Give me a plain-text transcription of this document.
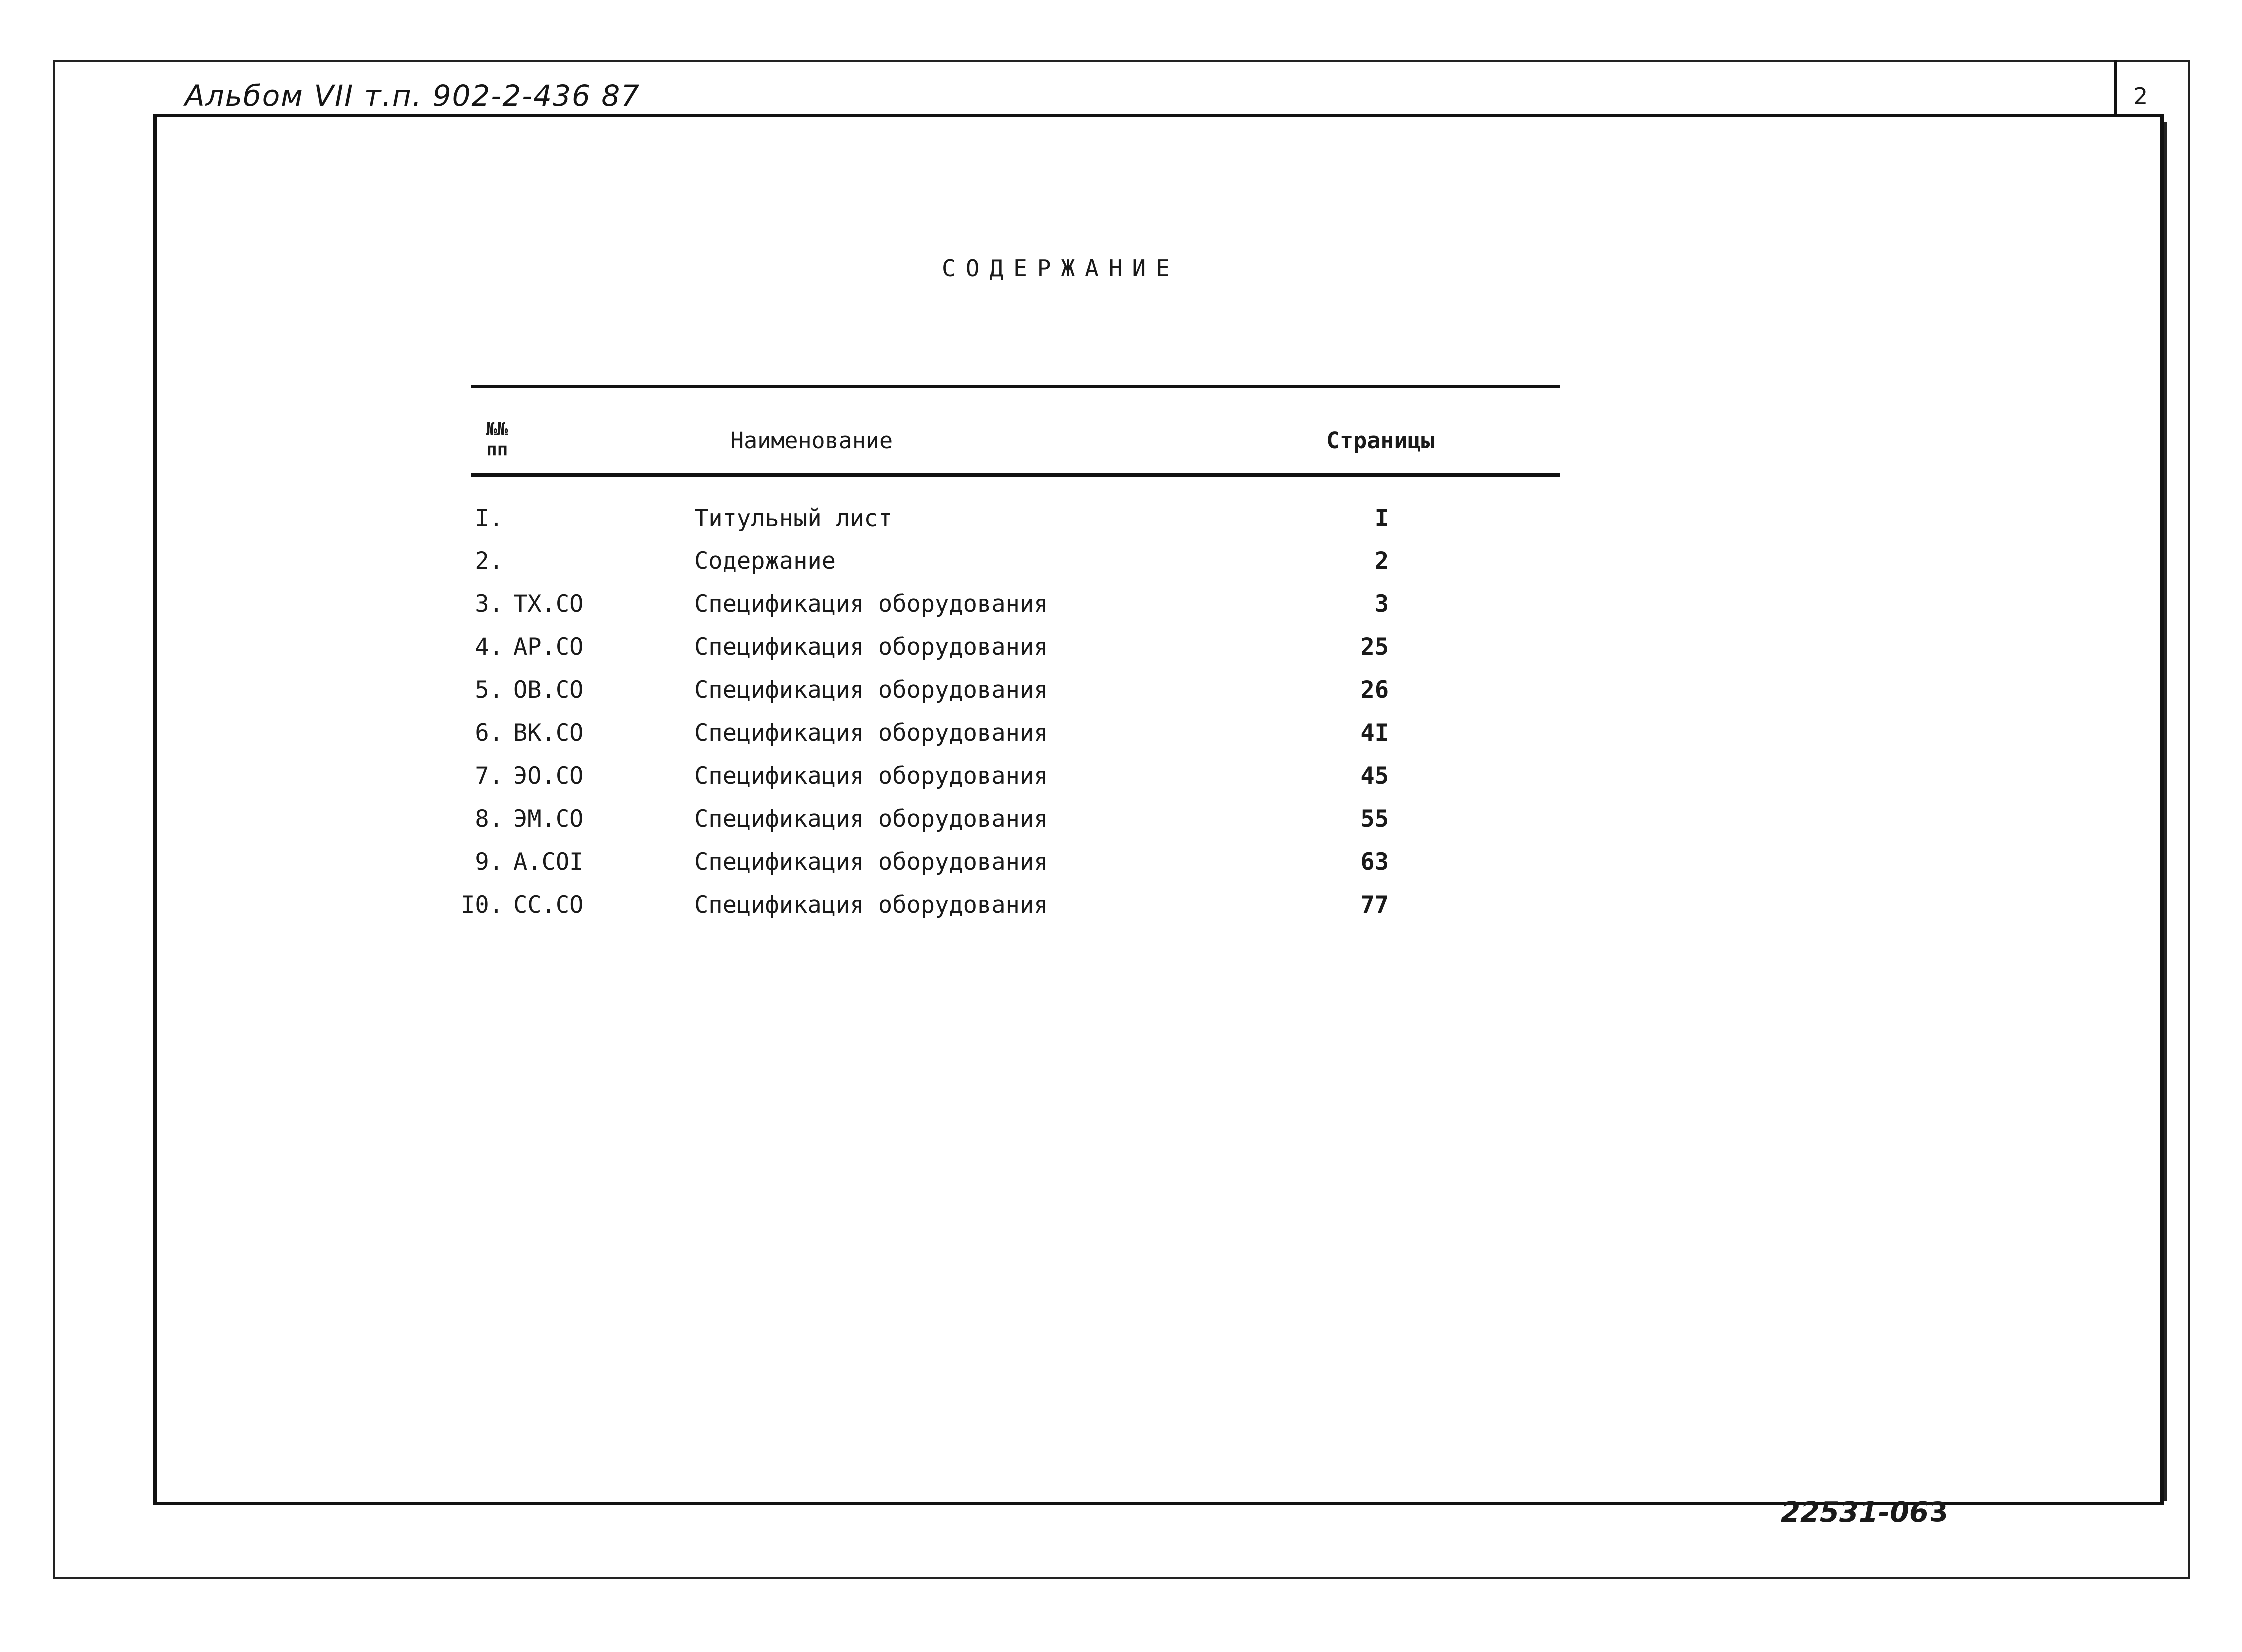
Альбом VII т.п. 902-2-436 87	2
СОДЕРЖАНИЕ
№№
пп	Наименование	Страницы
I.	Титульный лист	I
2.	Содержание	2
3. ТХ.СО	Спецификация оборудования	3
4. АР.СО	Спецификация оборудования	25
5. ОВ.СО	Спецификация оборудования	26
6. ВК.СО	Спецификация оборудования	4I
7. ЭО.СО	Спецификация оборудования	45
8. ЭМ.СО	Спецификация оборудования	55
9. А.СОI	Спецификация оборудования	63
I0. СС.СО	Спецификация оборудования	77
22531-06 3
